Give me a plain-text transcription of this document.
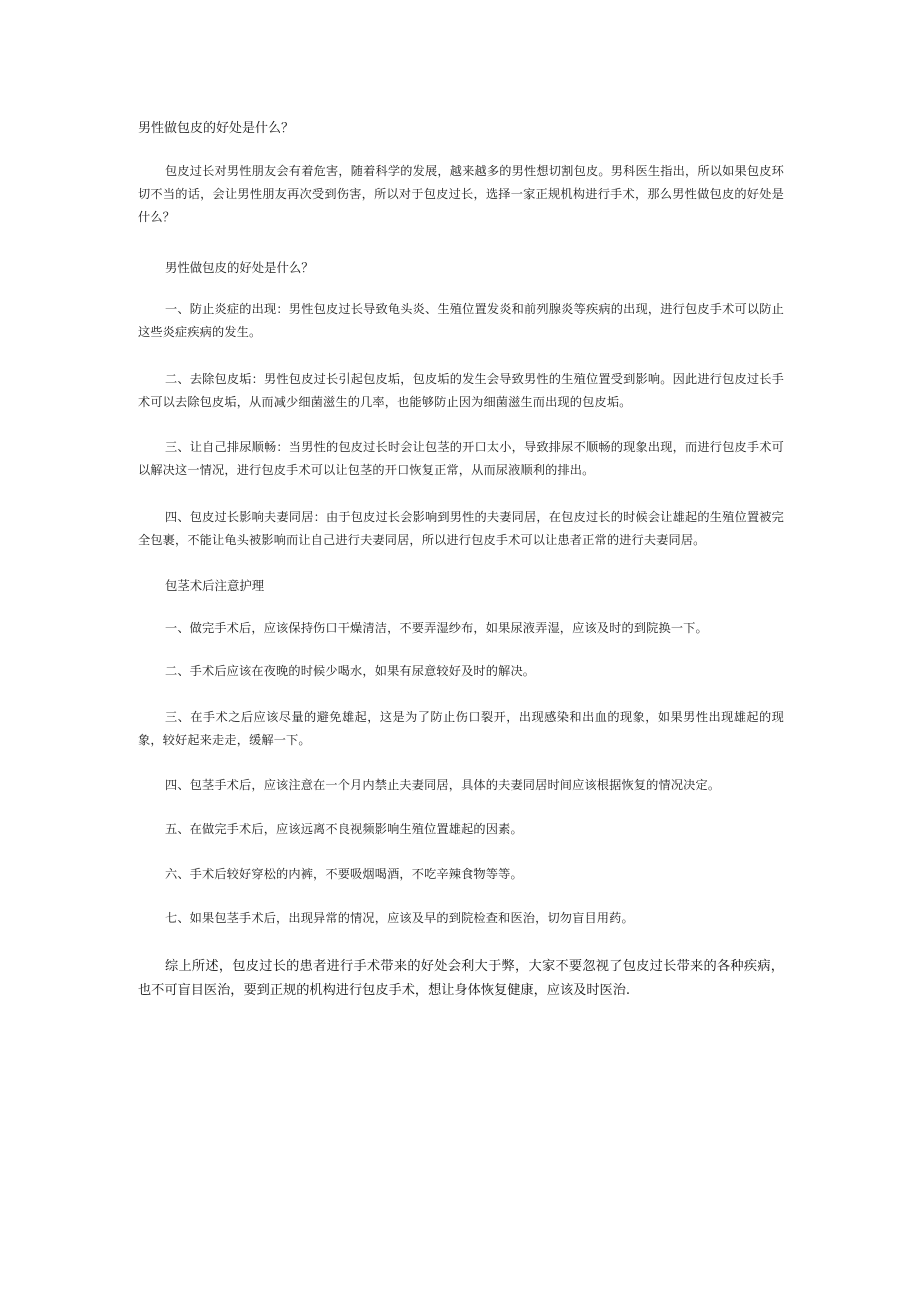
男性做包皮的好处是什么？

包皮过长对男性朋友会有着危害，随着科学的发展，越来越多的男性想切割包皮。男科医生指出，所以如果包皮环切不当的话，会让男性朋友再次受到伤害，所以对于包皮过长，选择一家正规机构进行手术，那么男性做包皮的好处是什么？

男性做包皮的好处是什么？

一、防止炎症的出现：男性包皮过长导致龟头炎、生殖位置发炎和前列腺炎等疾病的出现，进行包皮手术可以防止这些炎症疾病的发生。

二、去除包皮垢：男性包皮过长引起包皮垢，包皮垢的发生会导致男性的生殖位置受到影响。因此进行包皮过长手术可以去除包皮垢，从而减少细菌滋生的几率，也能够防止因为细菌滋生而出现的包皮垢。

三、让自己排尿顺畅：当男性的包皮过长时会让包茎的开口太小，导致排尿不顺畅的现象出现，而进行包皮手术可以解决这一情况，进行包皮手术可以让包茎的开口恢复正常，从而尿液顺利的排出。

四、包皮过长影响夫妻同居：由于包皮过长会影响到男性的夫妻同居，在包皮过长的时候会让雄起的生殖位置被完全包裹，不能让龟头被影响而让自己进行夫妻同居，所以进行包皮手术可以让患者正常的进行夫妻同居。

包茎术后注意护理

一、做完手术后，应该保持伤口干燥清洁，不要弄湿纱布，如果尿液弄湿，应该及时的到院换一下。

二、手术后应该在夜晚的时候少喝水，如果有尿意较好及时的解决。

三、在手术之后应该尽量的避免雄起，这是为了防止伤口裂开，出现感染和出血的现象，如果男性出现雄起的现象，较好起来走走，缓解一下。

四、包茎手术后，应该注意在一个月内禁止夫妻同居，具体的夫妻同居时间应该根据恢复的情况决定。

五、在做完手术后，应该远离不良视频影响生殖位置雄起的因素。

六、手术后较好穿松的内裤，不要吸烟喝酒，不吃辛辣食物等等。

七、如果包茎手术后，出现异常的情况，应该及早的到院检查和医治，切勿盲目用药。

综上所述，包皮过长的患者进行手术带来的好处会利大于弊，大家不要忽视了包皮过长带来的各种疾病，也不可盲目医治，要到正规的机构进行包皮手术，想让身体恢复健康，应该及时医治.
